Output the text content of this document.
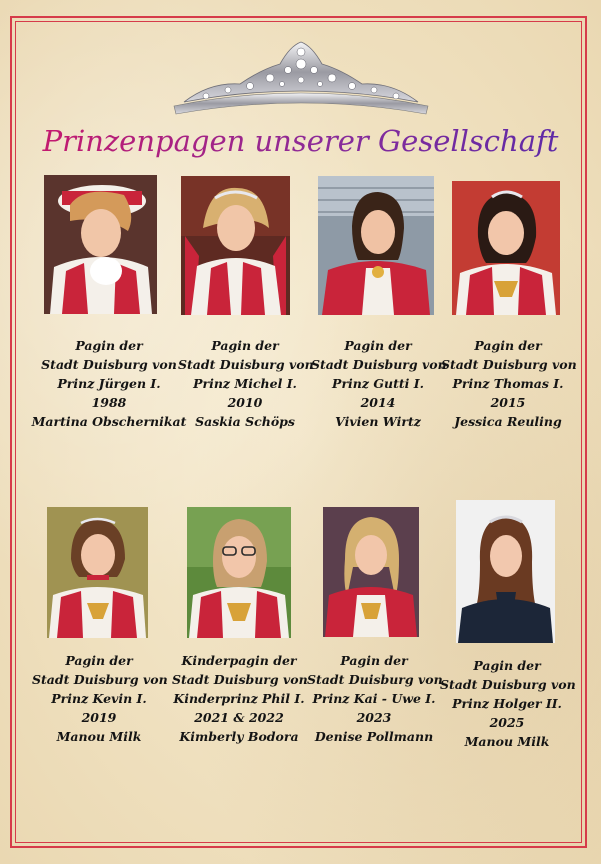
Prinzenpagen unserer Gesellschaft
Pagin der
Stadt Duisburg von
Prinz Jürgen I.
1988
Martina Obschernikat
Pagin der
Stadt Duisburg von
Prinz Michel I.
2010
Saskia Schöps
Pagin der
Stadt Duisburg von
Prinz Gutti I.
2014
Vivien Wirtz
Pagin der
Stadt Duisburg von
Prinz Thomas I.
2015
Jessica Reuling
Pagin der
Stadt Duisburg von
Prinz Kevin I.
2019
Manou Milk
Kinderpagin der
Stadt Duisburg von
Kinderprinz Phil I.
2021 & 2022
Kimberly Bodora
Pagin der
Stadt Duisburg von
Prinz Kai - Uwe I.
2023
Denise Pollmann
Pagin der
Stadt Duisburg von
Prinz Holger II.
2025
Manou Milk
